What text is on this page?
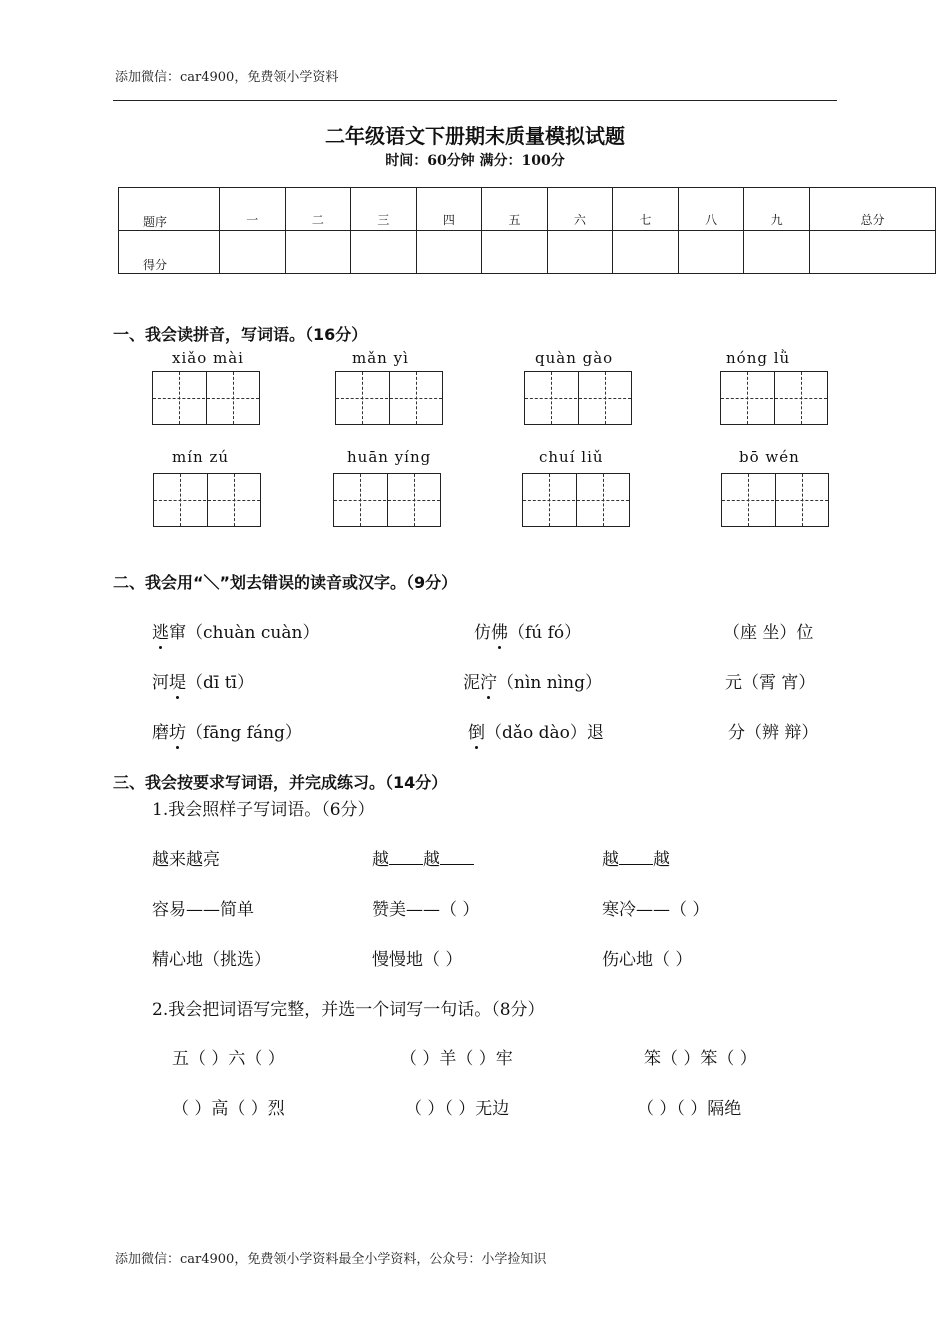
添加微信：car4900，免费领小学资料
二年级语文下册期末质量模拟试题
时间：60分钟 满分：100分
题序	一	二	三	四	五	六	七	八	九	总分
得分										
一、我会读拼音，写词语。（16分）
xiǎo mài	mǎn yì	quàn gào	nóng lǜ
mín zú	huān yíng	chuí liǔ	bō wén
二、我会用“＼”划去错误的读音或汉字。（9分）
逃窜（chuàn cuàn）	仿佛（fú fó）	（座 坐）位
河堤（dī tī）	泥泞（nìn nìng）	元（霄 宵）
磨坊（fāng fáng）	倒（dǎo dào）退	分（辨 辩）
三、我会按要求写词语，并完成练习。（14分）
1.我会照样子写词语。（6分）
越来越亮	越 越	越 越
容易——简单	赞美——（ ）	寒冷——（ ）
精心地（挑选）	慢慢地（ ）	伤心地（ ）
2.我会把词语写完整，并选一个词写一句话。（8分）
五（ ）六（ ）	（ ）羊（ ）牢	笨（ ）笨（ ）
（ ）高（ ）烈	（ ）（ ）无边	（ ）（ ）隔绝
添加微信：car4900，免费领小学资料最全小学资料，公众号：小学捡知识
